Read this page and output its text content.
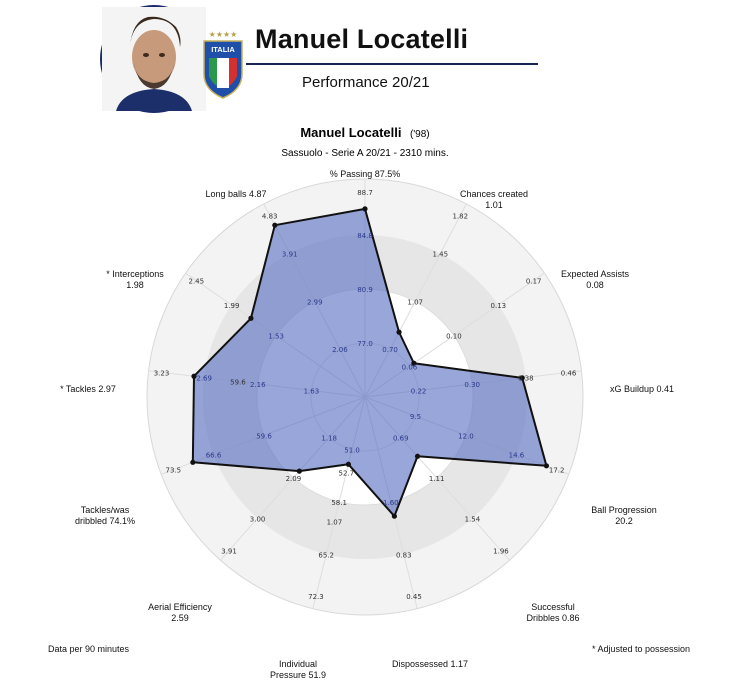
★★★★
ITALIA Manuel Locatelli
Performance 20/21
77.0
80.9
84.8
88.7
0.70
1.07
1.45
1.82
0.06
0.10
0.13
0.17
0.22
0.30
0.38
0.46
9.5
12.0
14.6
17.2
0.69
1.11
1.54
1.96
1.60
0.83
0.45
51.0
58.1
65.2
72.3
1.18
2.09
3.00
3.91
59.6
66.6
73.5
1.63
2.16
2.69
3.23
1.53
1.99
2.45
2.06
2.99
3.91
4.83
52.7
1.07
59.6
% Passing 87.5%
Chances created 1.01
Expected Assists 0.08
xG Buildup 0.41
Ball Progression 20.2
Successful Dribbles 0.86
Dispossessed 1.17
Individual Pressure 51.9
Aerial Efficiency 2.59
Tackles/was dribbled 74.1%
* Tackles 2.97
* Interceptions 1.98
Long balls 4.87
Manuel Locatelli ('98)
Sassuolo - Serie A 20/21 - 2310 mins.
Data per 90 minutes	* Adjusted to possession
